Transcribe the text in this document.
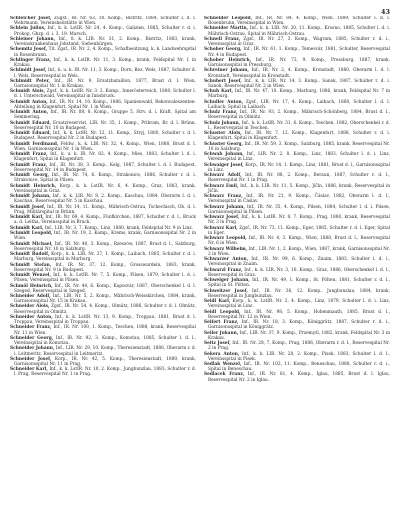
43

Schleicher Josef, Zugsf., IR. Nr. 63, 10. Komp., Bistritz, 1884, Schulter l. d. l. Wehrmann, Vereinsheilstätte in Wien.

Schlein Julius, Inf., k. k. LstIR. Nr. 24, 4. Komp., Galizien, 1885, Schulter r. d. i. Prokop, Ghzp. d. i. 3. 19. Marsch.

Schleiner Johann, Inf., 8. k. LIR. Nr. 31, 2. Komp., Bistritz, 1883, krank, Vereinskrankenhaus Jokstand, Siebenbürgen.

Schemitz Josef, Tit. Zgsf., IR. Nr. 2, 4. Komp., Schafbesitzung, k. k. Landwehrspital in Rosenbrunn.

Schlinger Franz, Inf., k. k. LstIR. Nr. 11, 3. Komp., krank, Feldspital Nr. 1 in Krakau.

Schlmidt Josef, Inf., k. u. k. IR. Nr. 11, 3. Komp., Dorn, Bez. Wels, 1887, Schulter d. l. Wels, Reservespital in Wels.

Schlmidt Peter, Inf., IR. Nr. 9, Ersatzbataillon, 1877, Brust d. l. Wien, Garnisonsspital Nr. 1 in Krakau.

Schmidt Alois, Zgsf., k. k. LstIR. Nr. 3, 2. Komp., Innerösterreich, 1880, Schulter l. d. l. Unterschwald, Vereinsspital in Innsbruck.

Schmidt Anton, Inf., IR. Nr. 14, 10. Komp., 1886, Spanienwald, Rekonvaleszenten-Abteilung in Klagenfurt, Spital Nr. 1 in Wien.

Schmidt Anton, Inf., IR. Nr. 88, 8. Komp., Gruppe 5, Strv. d. i. Kraft, Spital am Semmering.

Schmidt Eduard, Ersatzreservist, LIR. Nr. 35, 1. Komp., Pribram, Br. d. l. Brünn, Reservespital Nr. 10 in Budapest.

Schmidt Eduard, Inf., k. k. LstIR. Nr. 12, 11. Komp., Stryj, 1880, Schulter r. d. l. Budapest, Reservespital Nr. 2 in Budapest.

Schmidt Ferdinand, Feldw., k. k. LIR. Nr. 32, 4. Komp., Wien, 1888, Brust d. l. Wien, Garnisonsspital Nr. 1 in Wien.

Schmidt Franz, Inf., k. u. k. IR. Nr. 82, 4. Komp., Mies, 1883, Schulter l. d. i. Klagenfurt, Spital in Klagenfurt.

Schmidt Franz, Inf., IR. Nr. 38, 3. Komp., Kelg, 1887, Schulter l. d. l. Budapest, Reservespital Nr. 14 in Budapest.

Schmidt Georg, Inf., IR. Nr. 74, 6. Komp., Strakonice, 1886, Schulter r. d. i. Strakonice, Spital in Pilsen.

Schmidt Heinrich, Korp., k. k. LstIR. Nr. 6, 4. Komp., Graz, 1883, krank, Vereinsspital in Graz.

Schmidt Johann, Inf., k. k. LIR. Nr. 8, 2. Komp., Kaschau, 1884, Oberarm l. d. i. Kaschau, Reservespital Nr. 5 in Kaschau.

Schmidt Josef, Inf., IR. Nr. 14, 11. Komp., Mährisch-Ostrau, Tschechisch, Ob. d. l. Prag, Militärspital in Brünn.

Schmidt Karl, Inf., IR. Nr. 69, 4. Komp., Fünfkirchen, 1887, Schulter r. d. l., Bruck a. d. Leitha, Vereinsspital in Bruck.

Schmidt Karl, Inf., LIR. Nr. 3, 7. Komp., Linz, 1880, krank, Feldspital Nr. 9 in Linz.

Schmidt Leopold, Inf., IR. Nr. 19, 2. Komp., Krems, krank, Garnisonsspital Nr. 2 in Wien.

Schmidt Michael, Inf., IR. Nr. 40, 3. Komp., Rzeszów, 1887, Brust d. l., Salzburg, Reservespital Nr. 10 in Salzburg.

Schmidt Rudolf, Korp., k. k. LIR. Nr. 27, 1. Komp., Laibach, 1885, Schulter r. d. i. Marburg, Vereinsspital in Marburg.

Schmidt Stefan, Inf., IR. Nr. 37, 12. Komp., Grosswardein, 1883, krank, Reservespital Nr. 9 in Budapest.

Schmidt Wenzel, Inf., k. k. LstIR. Nr. 7, 5. Komp., Pilsen, 1879, Schulter l. d. i. Pilsen, Vereinsspital in Pilsen.

Schmöl Heinrich, Inf., IR. Nr. 44, 6. Komp., Kaposvár, 1887, Oberschenkel l. d. l. Szeged, Reservespital in Szeged.

Schneider Adolf, Inf., LIR. Nr. 5, 2. Komp., Mährisch-Weisskirchen, 1884, krank, Garnisonsspital Nr. 15 in Krakau.

Schneider Alois, Zgsf., IR. Nr. 54, 4. Komp., Olmütz, 1886, Schulter r. d. l. Olmütz, Reservespital in Olmütz.

Schneider Anton, Inf., k. k. LstIR. Nr. 13, 9. Komp., Troppau, 1881, Brust d. l. Troppau, Vereinsspital in Troppau.

Schneider Franz, Inf., IR. Nr. 100, 1. Komp., Teschen, 1888, krank, Reservespital Nr. 11 in Wien.

Schneider Georg, Inf., IR. Nr. 92, 3. Komp., Komotau, 1885, Schulter l. d. l., Vereinsspital in Komotau.

Schneider Johann, Inf., LIR. Nr. 29, 10. Komp., Theresienstadt, 1886, Oberarm r. d. i. Leitmeritz, Reservespital in Leitmeritz.

Schneider Josef, Korp., IR. Nr. 42, 5. Komp., Theresienstadt, 1880, krank, Garnisonsspital Nr. 11 in Prag.

Schneider Karl, Inf., k. k. LstIR. Nr. 10, 2. Komp., Jungbunzlau, 1883, Schulter r. d. l. Prag, Reservespital Nr. 1 in Prag.

Schneider Leopold, Inf., IR. Nr. 84, 4. Komp., Wien, 1889, Schulter l. d. l. Rosenbrunn, Vereinsspital in Wien.

Schneider Martin, Inf., k. k. LIR. Nr. 20, 11. Komp., Krosno, 1885, Schulter l. d. i. Mährisch-Ostrau, Spital in Mährisch-Ostrau.

Schnell Franz, Zgsf., IR. Nr. 27, 3. Komp., Wagram, 1885, Schulter r. d. i., Vereinsspital in Graz.

Schober Georg, Inf., IR. Nr. 61, 1. Komp., Temesvár, 1881, Schulter, Reservespital Nr. 4 in Budapest.

Schober Heinrich, Inf., IR. Nr. 72, 9. Komp., Pressburg, 1887, krank, Garnisonsspital in Pressburg.

Schreiner Johann, Inf., IR. Nr. 2, 4. Komp., Kronstadt, 1880, Oberarm l. d. l. Kronstadt, Vereinsspital in Kronstadt.

Schubert Josef, Inf., k. k. LIR. Nr. 14, 3. Komp., Sanok, 1887, Schulter r. d. i. Sanok, Reservespital Nr. 2 in Wien.

Schuh Karl, Inf., IR. Nr. 47, 10. Komp., Marburg, 1886, krank, Feldspital Nr. 7 in Marburg.

Schuller Anton, Zgsf., LIR. Nr. 17, 4. Komp., Laibach, 1880, Schulter l. d. l. Laibach, Spital in Laibach.

Schulz Franz, Inf., IR. Nr. 93, 2. Komp., Mährisch-Schönberg, 1884, Brust d. l., Reservespital in Olmütz.

Schulz Johann, Inf., k. k. LstIR. Nr. 31, 6. Komp., Teschen, 1882, Oberschenkel r. d. l., Reservespital in Teschen.

Schuster Alois, Inf., IR. Nr. 7, 12. Komp., Klagenfurt, 1888, Schulter r. d. i. Klagenfurt, Spital in Klagenfurt.

Schuster Georg, Inf., IR. Nr. 59, 3. Komp., Salzburg, 1885, krank, Reservespital Nr. 10 in Salzburg.

Schwab Johann, Inf., LIR. Nr. 2, 8. Komp., Linz, 1883, Schulter l. d. i. Linz, Vereinsspital in Linz.

Schwaiger Josef, Korp., IR. Nr. 14, 1. Komp., Linz, 1881, Brust d. l., Garnisonsspital in Linz.

Schwarz Adolf, Inf., IR. Nr. 88, 2. Komp., Beraun, 1887, Schulter r. d. l., Reservespital Nr. 1 in Prag.

Schwarz Emil, Inf., k. k. LIR. Nr. 11, 5. Komp., Jičín, 1886, krank, Reservespital in Jičín.

Schwarz Franz, Inf., IR. Nr. 21, 9. Komp., Čáslav, 1882, Oberarm l. d. l., Vereinsspital in Čáslav.

Schwarz Johann, Inf., IR. Nr. 35, 4. Komp., Pilsen, 1884, Schulter l. d. i. Pilsen, Garnisonsspital in Pilsen.

Schwarz Josef, Inf., k. k. LstIR. Nr. 8, 7. Komp., Prag, 1880, krank, Reservespital Nr. 3 in Prag.

Schwarz Karl, Zgsf., IR. Nr. 73, 11. Komp., Eger, 1885, Schulter r. d. l. Eger, Spital in Eger.

Schwarz Leopold, Inf., IR. Nr. 4, 3. Komp., Wien, 1888, Brust d. l., Reservespital Nr. 6 in Wien.

Schwarz Wilhelm, Inf., LIR. Nr. 1, 2. Komp., Wien, 1887, krank, Garnisonsspital Nr. 2 in Wien.

Schwarzer Anton, Inf., IR. Nr. 99, 6. Komp., Znaim, 1883, Schulter l. d. i., Vereinsspital in Znaim.

Schwarzl Franz, Inf., k. k. LIR. Nr. 3, 10. Komp., Graz, 1886, Oberschenkel l. d. l., Reservespital in Graz.

Schweiger Johann, Inf., IR. Nr. 49, 1. Komp., St. Pölten, 1881, Schulter r. d. l., Spital in St. Pölten.

Schweitzer Josef, Inf., IR. Nr. 36, 12. Komp., Jungbunzlau, 1884, krank, Reservespital in Jungbunzlau.

Seidl Karl, Korp., k. k. LstIR. Nr. 2, 4. Komp., Linz, 1879, Schulter l. d. i. Linz, Vereinsspital in Linz.

Seidl Leopold, Inf., IR. Nr. 98, 5. Komp., Hohenmauth, 1885, Brust d. l., Reservespital Nr. 12 in Wien.

Seifert Franz, Inf., IR. Nr. 18, 3. Komp., Königgrätz, 1887, Schulter r. d. i., Garnisonsspital in Königgrätz.

Seiler Johann, Inf., LIR. Nr. 37, 9. Komp., Przemyśl, 1882, krank, Feldspital Nr. 3 in Krakau.

Seitz Josef, Inf., IR. Nr. 28, 7. Komp., Prag, 1886, Oberarm r. d. l., Reservespital Nr. 2 in Prag.

Sekera Anton, Inf., k. k. LIR. Nr. 28, 2. Komp., Pisek, 1883, Schulter l. d. l., Vereinsspital in Pisek.

Sedlak Wenzel, Inf., IR. Nr. 102, 11. Komp., Beneschau, 1888, Schulter r. d. i., Spital in Beneschau.

Sedlacek Franz, Inf., IR. Nr. 81, 4. Komp., Iglau, 1885, Brust d. l. Iglau, Reservespital Nr. 2 in Iglau.
